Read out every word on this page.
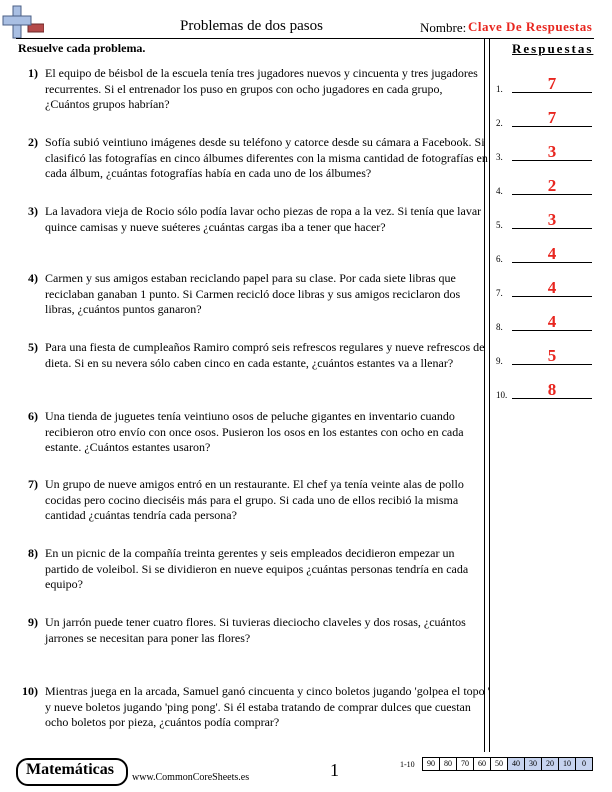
Problemas de dos pasos	Nombre: Clave De Respuestas
Resuelve cada problema.	Respuestas
1) El equipo de béisbol de la escuela tenía tres jugadores nuevos y cincuenta y tres jugadores recurrentes. Si el entrenador los puso en grupos con ocho jugadores en cada grupo, ¿Cuántos grupos habrían?
2) Sofía subió veintiuno imágenes desde su teléfono y catorce desde su cámara a Facebook. Si clasificó las fotografías en cinco álbumes diferentes con la misma cantidad de fotografías en cada álbum, ¿cuántas fotografías había en cada uno de los álbumes?
3) La lavadora vieja de Rocio sólo podía lavar ocho piezas de ropa a la vez. Si tenía que lavar quince camisas y nueve suéteres ¿cuántas cargas iba a tener que hacer?
4) Carmen y sus amigos estaban reciclando papel para su clase. Por cada siete libras que reciclaban ganaban 1 punto. Si Carmen recicló doce libras y sus amigos reciclaron dos libras, ¿cuántos puntos ganaron?
5) Para una fiesta de cumpleaños Ramiro compró seis refrescos regulares y nueve refrescos de dieta. Si en su nevera sólo caben cinco en cada estante, ¿cuántos estantes va a llenar?
6) Una tienda de juguetes tenía veintiuno osos de peluche gigantes en inventario cuando recibieron otro envío con once osos. Pusieron los osos en los estantes con ocho en cada estante. ¿Cuántos estantes usaron?
7) Un grupo de nueve amigos entró en un restaurante. El chef ya tenía veinte alas de pollo cocidas pero cocino dieciséis más para el grupo. Si cada uno de ellos recibió la misma cantidad ¿cuántas tendría cada persona?
8) En un picnic de la compañía treinta gerentes y seis empleados decidieron empezar un partido de voleibol. Si se dividieron en nueve equipos ¿cuántas personas tendría en cada equipo?
9) Un jarrón puede tener cuatro flores. Si tuvieras dieciocho claveles y dos rosas, ¿cuántos jarrones se necesitan para poner las flores?
10) Mientras juega en la arcada, Samuel ganó cincuenta y cinco boletos jugando 'golpea el topo ' y nueve boletos jugando 'ping pong'. Si él estaba tratando de comprar dulces que cuestan ocho boletos por pieza, ¿cuántos podía comprar?
1.	7
2.	7
3.	3
4.	2
5.	3
6.	4
7.	4
8.	4
9.	5
10.	8
Matemáticas www.CommonCoreSheets.es	1	1-10	90	80	70	60	50	40	30	20	10	0
